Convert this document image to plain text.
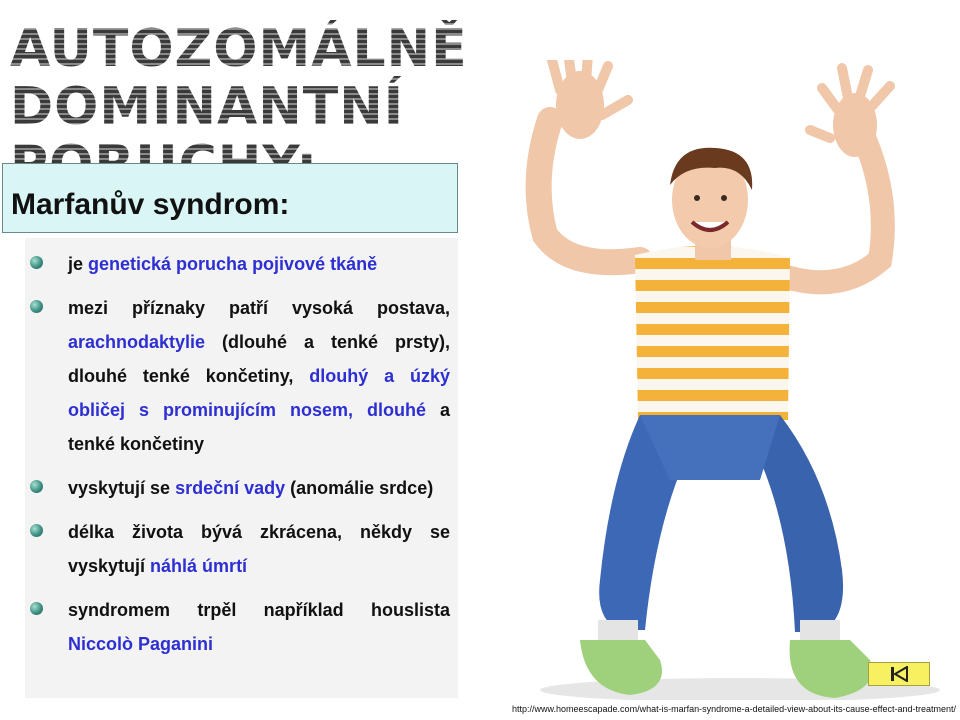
AUTOZOMÁLNĚ DOMINANTNÍ
Marfanův syndrom:
je genetická porucha pojivové tkáně
mezi příznaky patří vysoká postava, arachnodaktylie (dlouhé a tenké prsty), dlouhé tenké končetiny, dlouhý a úzký obličej s prominujícím nosem, dlouhé a tenké končetiny
vyskytují se srdeční vady (anomálie srdce)
délka života bývá zkrácena, někdy se vyskytují náhlá úmrtí
syndromem trpěl například houslista Niccolò Paganini
http://www.homeescapade.com/what-is-marfan-syndrome-a-detailed-view-about-its-cause-effect-and-treatment/
